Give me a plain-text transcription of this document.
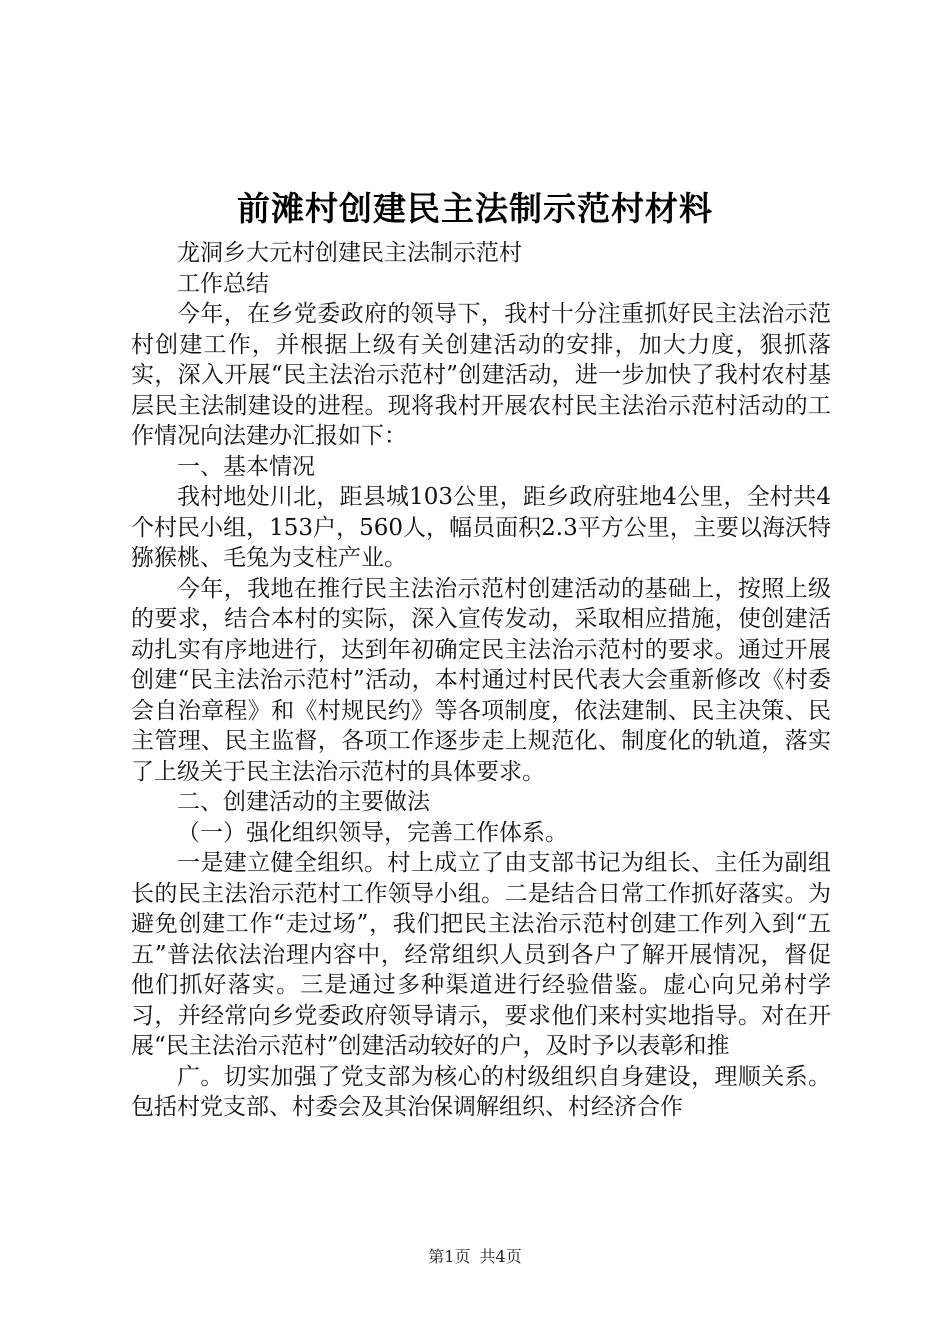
前滩村创建民主法制示范村材料

龙洞乡大元村创建民主法制示范村

工作总结

今年，在乡党委政府的领导下，我村十分注重抓好民主法治示范村创建工作，并根据上级有关创建活动的安排，加大力度，狠抓落实，深入开展“民主法治示范村”创建活动，进一步加快了我村农村基层民主法制建设的进程。现将我村开展农村民主法治示范村活动的工作情况向法建办汇报如下：

一、基本情况

我村地处川北，距县城103公里，距乡政府驻地4公里，全村共4个村民小组，153户，560人，幅员面积2.3平方公里，主要以海沃特猕猴桃、毛兔为支柱产业。

今年，我地在推行民主法治示范村创建活动的基础上，按照上级的要求，结合本村的实际，深入宣传发动，采取相应措施，使创建活动扎实有序地进行，达到年初确定民主法治示范村的要求。通过开展创建“民主法治示范村”活动，本村通过村民代表大会重新修改《村委会自治章程》和《村规民约》等各项制度，依法建制、民主决策、民主管理、民主监督，各项工作逐步走上规范化、制度化的轨道，落实了上级关于民主法治示范村的具体要求。

二、创建活动的主要做法

（一）强化组织领导，完善工作体系。

一是建立健全组织。村上成立了由支部书记为组长、主任为副组长的民主法治示范村工作领导小组。二是结合日常工作抓好落实。为避免创建工作“走过场”，我们把民主法治示范村创建工作列入到“五五”普法依法治理内容中，经常组织人员到各户了解开展情况，督促他们抓好落实。三是通过多种渠道进行经验借鉴。虚心向兄弟村学习，并经常向乡党委政府领导请示，要求他们来村实地指导。对在开展“民主法治示范村”创建活动较好的户，及时予以表彰和推

广。切实加强了党支部为核心的村级组织自身建设，理顺关系。包括村党支部、村委会及其治保调解组织、村经济合作

第1页 共4页
